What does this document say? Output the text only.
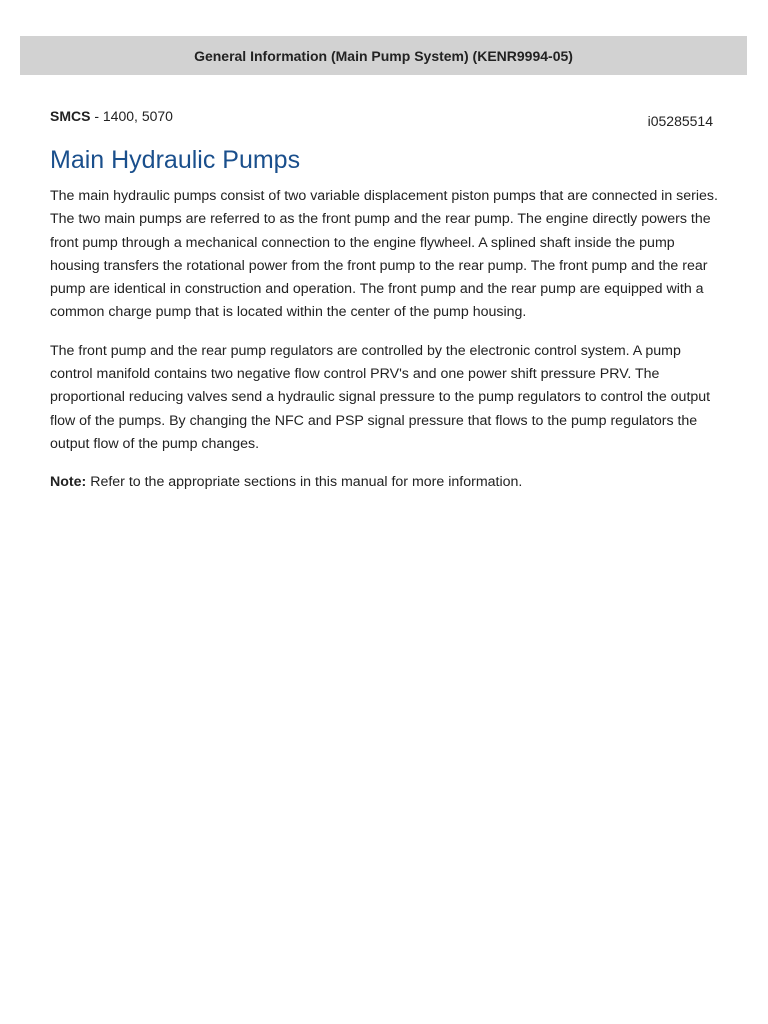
General Information (Main Pump System) (KENR9994-05)
SMCS - 1400, 5070	i05285514
Main Hydraulic Pumps

The main hydraulic pumps consist of two variable displacement piston pumps that are connected in series. The two main pumps are referred to as the front pump and the rear pump. The engine directly powers the front pump through a mechanical connection to the engine flywheel. A splined shaft inside the pump housing transfers the rotational power from the front pump to the rear pump. The front pump and the rear pump are identical in construction and operation. The front pump and the rear pump are equipped with a common charge pump that is located within the center of the pump housing.

The front pump and the rear pump regulators are controlled by the electronic control system. A pump control manifold contains two negative flow control PRV's and one power shift pressure PRV. The proportional reducing valves send a hydraulic signal pressure to the pump regulators to control the output flow of the pumps. By changing the NFC and PSP signal pressure that flows to the pump regulators the output flow of the pump changes.

Note: Refer to the appropriate sections in this manual for more information.
